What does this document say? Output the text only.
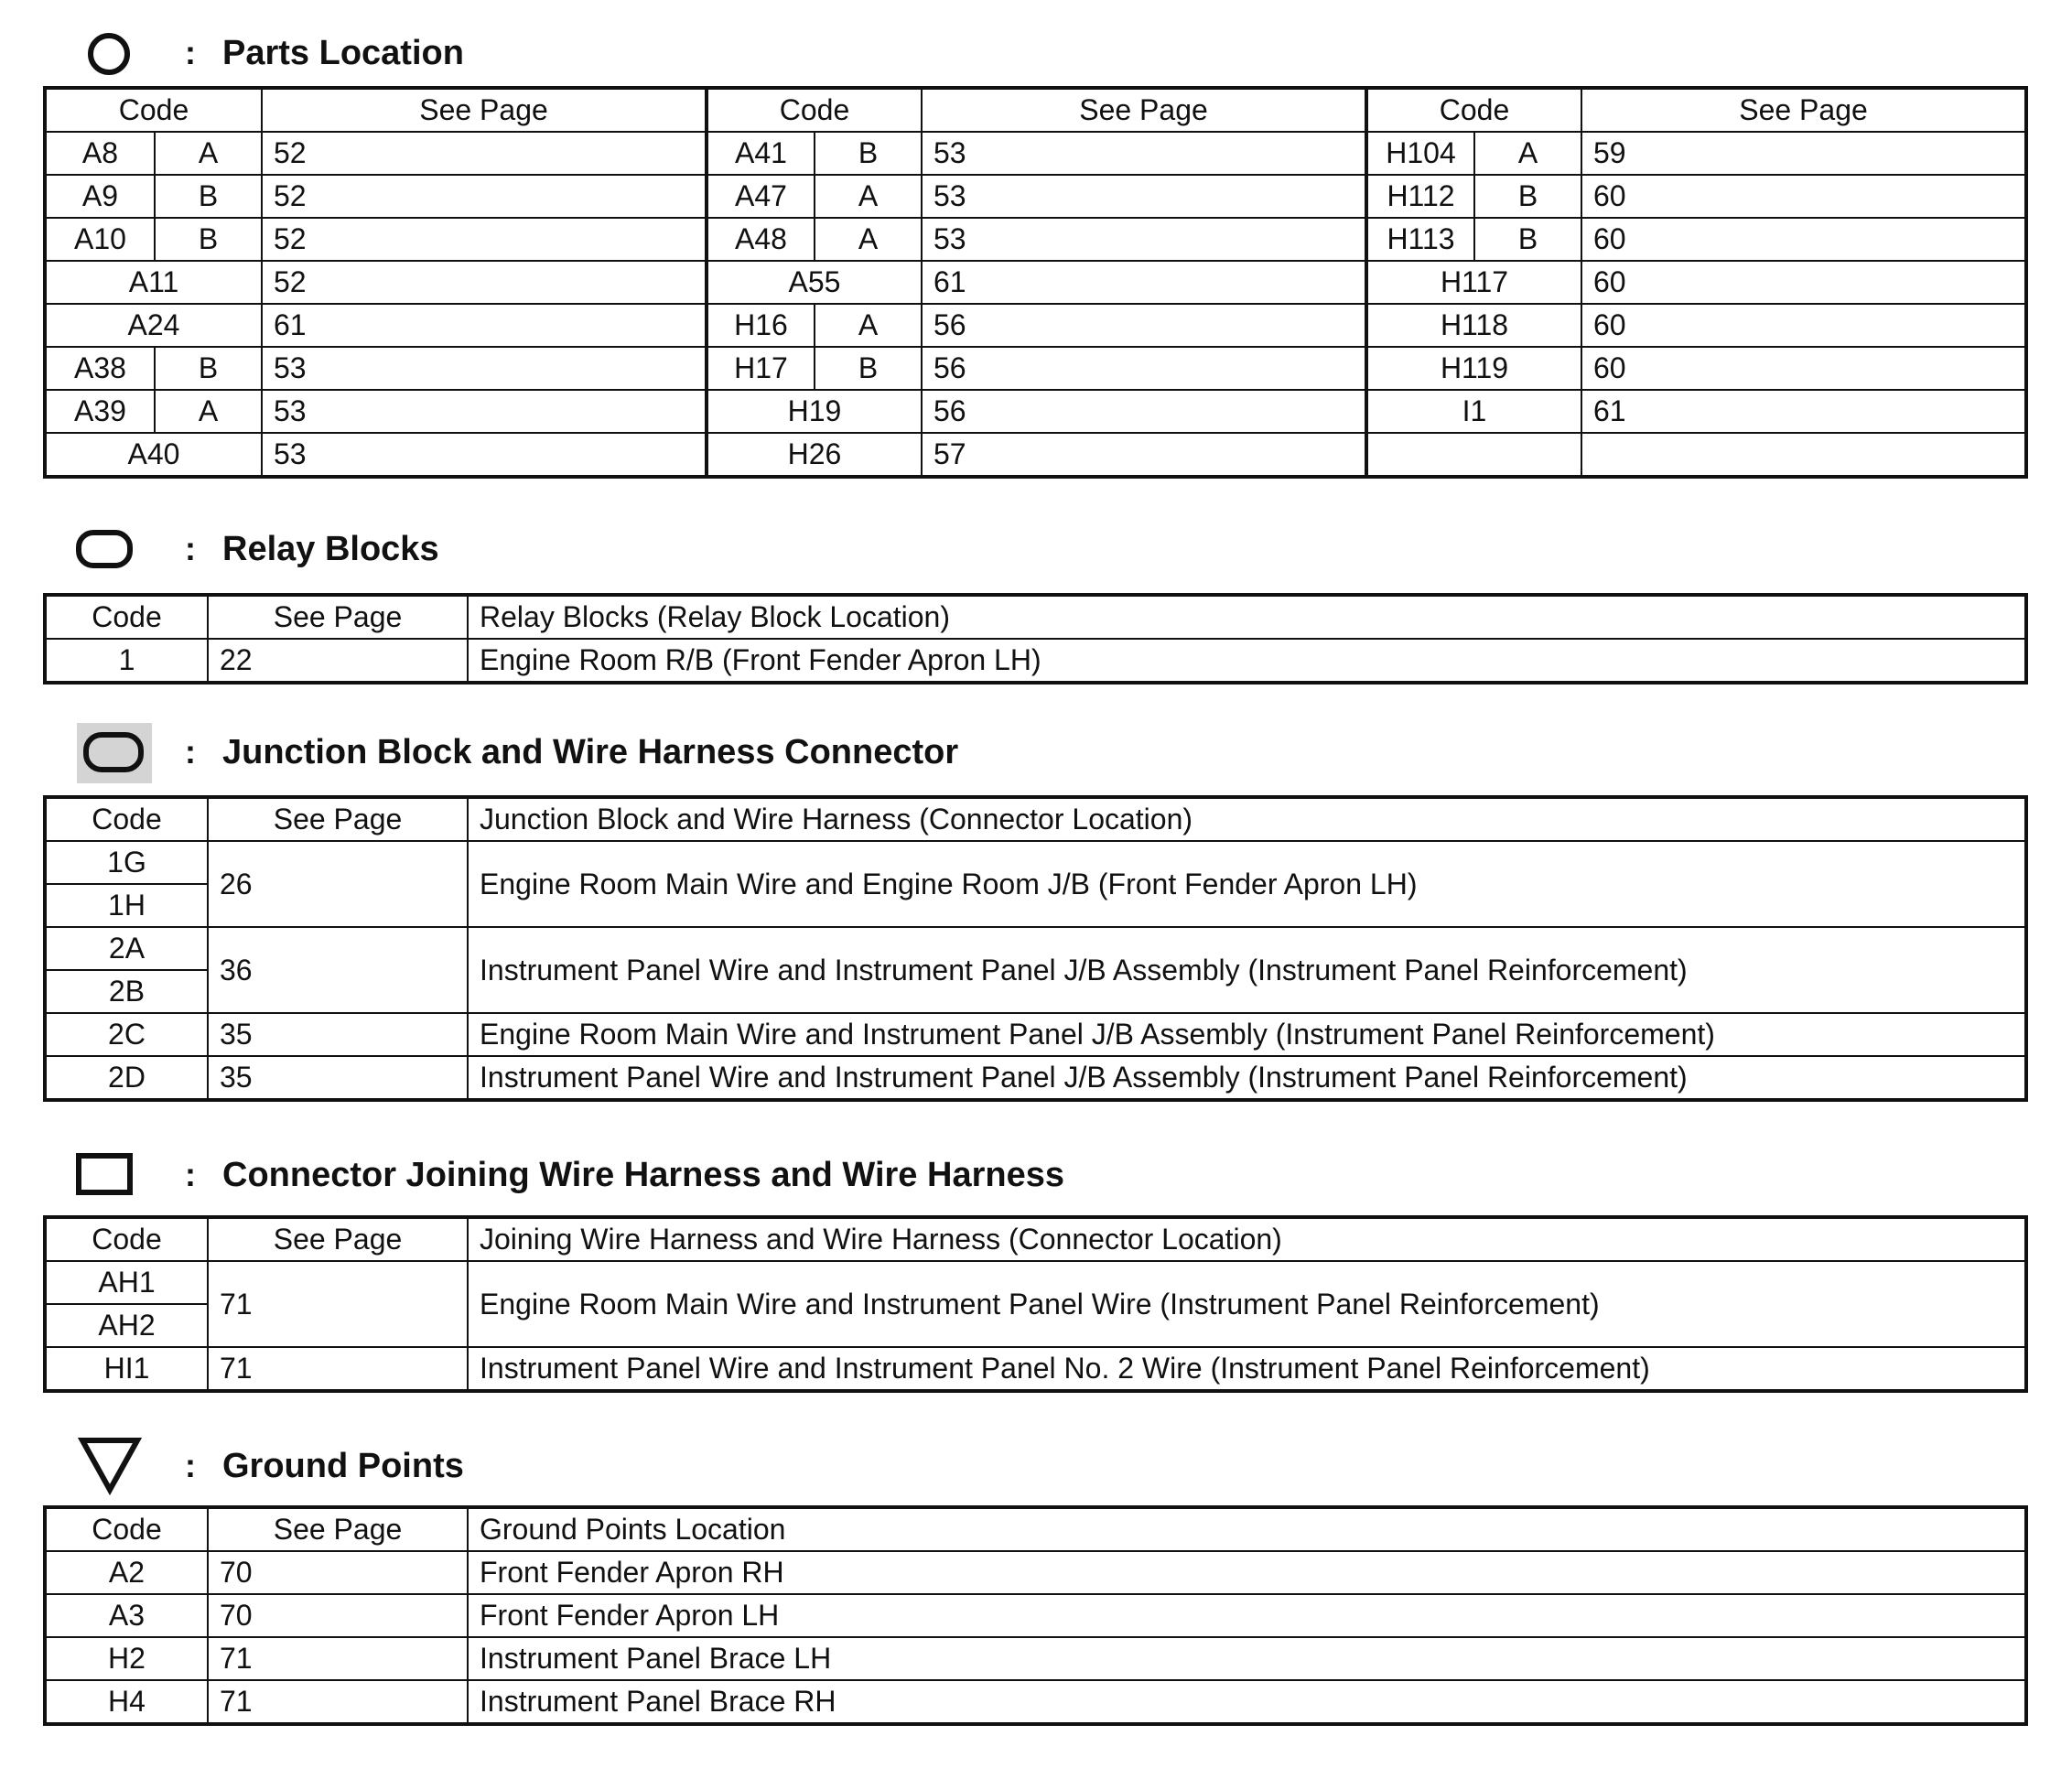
: Parts Location
Code		See Page	Code		See Page	Code		See Page
A8	A	52	A41	B	53	H104	A	59
A9	B	52	A47	A	53	H112	B	60
A10	B	52	A48	A	53	H113	B	60
A11		52	A55		61	H117		60
A24		61	H16	A	56	H118		60
A38	B	53	H17	B	56	H119		60
A39	A	53	H19		56	I1		61
A40		53	H26		57			
: Relay Blocks
Code	See Page	Relay Blocks (Relay Block Location)
1	22	Engine Room R/B (Front Fender Apron LH)
: Junction Block and Wire Harness Connector
Code	See Page	Junction Block and Wire Harness (Connector Location)
1G	26	Engine Room Main Wire and Engine Room J/B (Front Fender Apron LH)
1H		
2A	36	Instrument Panel Wire and Instrument Panel J/B Assembly (Instrument Panel Reinforcement)
2B		
2C	35	Engine Room Main Wire and Instrument Panel J/B Assembly (Instrument Panel Reinforcement)
2D	35	Instrument Panel Wire and Instrument Panel J/B Assembly (Instrument Panel Reinforcement)
: Connector Joining Wire Harness and Wire Harness
Code	See Page	Joining Wire Harness and Wire Harness (Connector Location)
AH1	71	Engine Room Main Wire and Instrument Panel Wire (Instrument Panel Reinforcement)
AH2		
HI1	71	Instrument Panel Wire and Instrument Panel No. 2 Wire (Instrument Panel Reinforcement)
: Ground Points
Code	See Page	Ground Points Location
A2	70	Front Fender Apron RH
A3	70	Front Fender Apron LH
H2	71	Instrument Panel Brace LH
H4	71	Instrument Panel Brace RH
